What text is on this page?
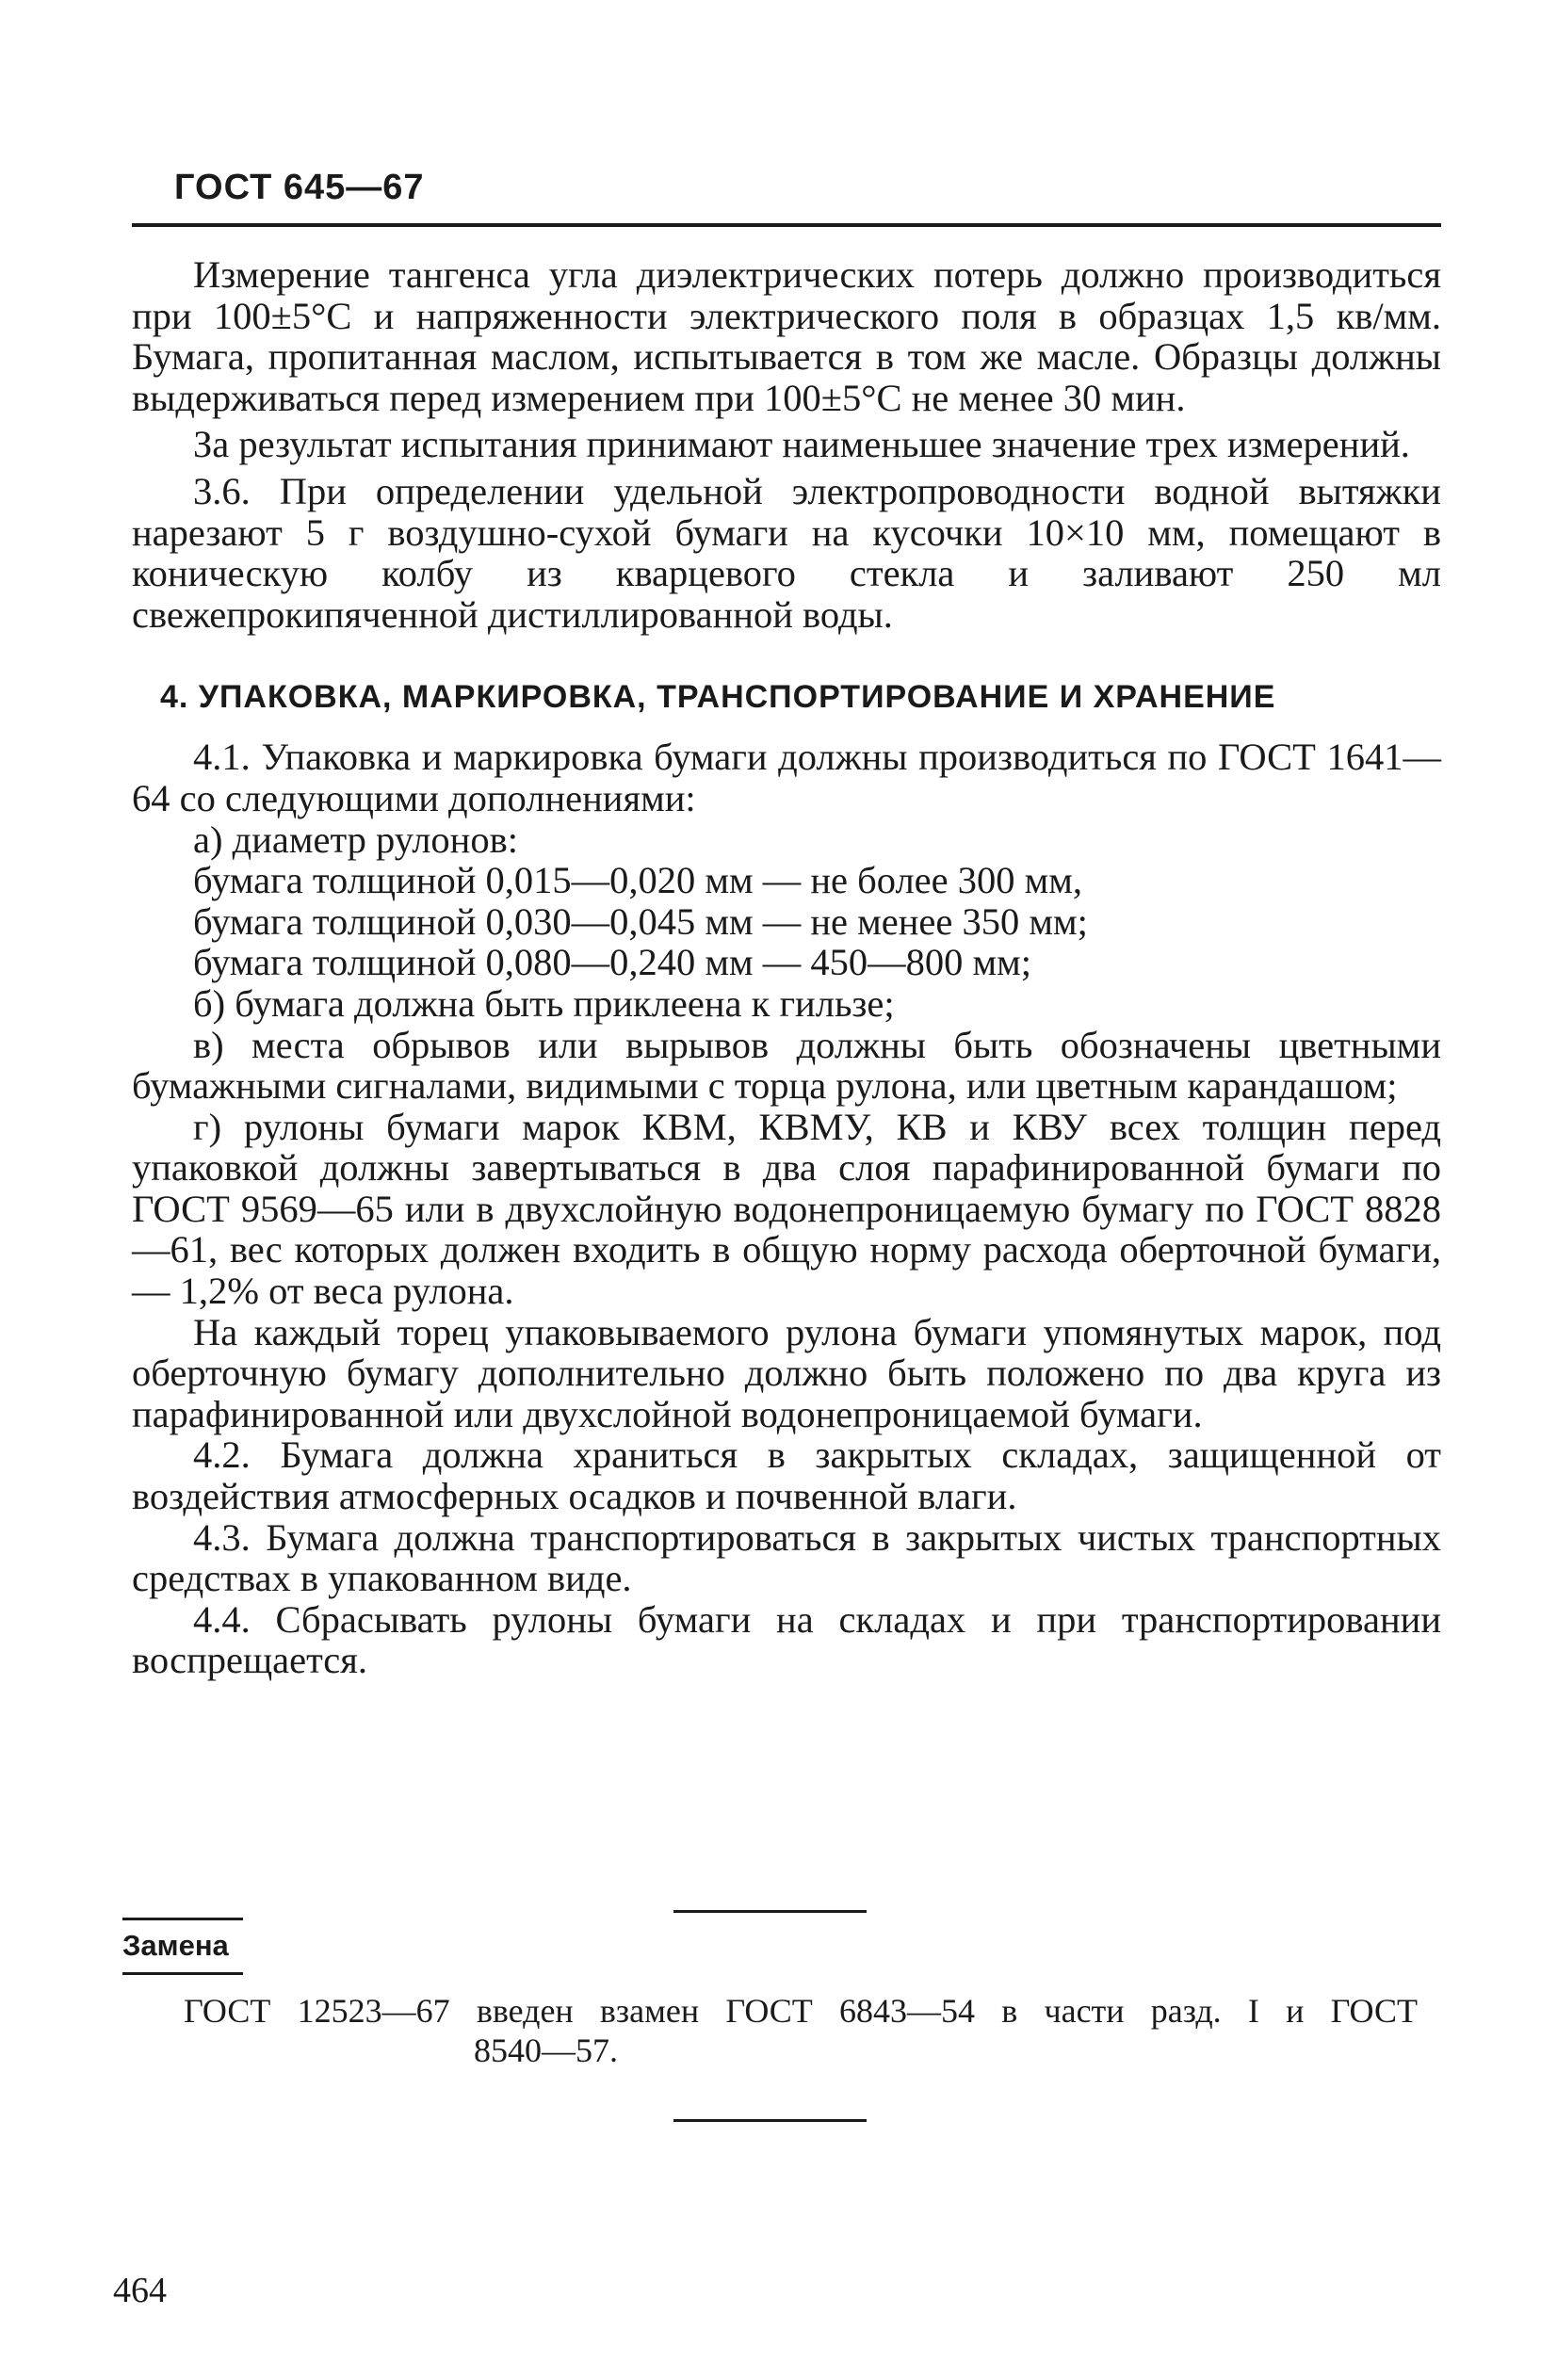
ГОСТ 645—67

Измерение тангенса угла диэлектрических потерь должно производиться при 100±5°С и напряженности электрического поля в образцах 1,5 кв/мм. Бумага, пропитанная маслом, испытывается в том же масле. Образцы должны выдерживаться перед измерением при 100±5°С не менее 30 мин.

За результат испытания принимают наименьшее значение трех измерений.

3.6. При определении удельной электропроводности водной вытяжки нарезают 5 г воздушно-сухой бумаги на кусочки 10×10 мм, помещают в коническую колбу из кварцевого стекла и заливают 250 мл свежепрокипяченной дистиллированной воды.

4. УПАКОВКА, МАРКИРОВКА, ТРАНСПОРТИРОВАНИЕ И ХРАНЕНИЕ

4.1. Упаковка и маркировка бумаги должны производиться по ГОСТ 1641—64 со следующими дополнениями:

а) диаметр рулонов:

бумага толщиной 0,015—0,020 мм — не более 300 мм,

бумага толщиной 0,030—0,045 мм — не менее 350 мм;

бумага толщиной 0,080—0,240 мм — 450—800 мм;

б) бумага должна быть приклеена к гильзе;

в) места обрывов или вырывов должны быть обозначены цветными бумажными сигналами, видимыми с торца рулона, или цветным карандашом;

г) рулоны бумаги марок КВМ, КВМУ, КВ и КВУ всех толщин перед упаковкой должны завертываться в два слоя парафинированной бумаги по ГОСТ 9569—65 или в двухслойную водонепроницаемую бумагу по ГОСТ 8828—61, вес которых должен входить в общую норму расхода оберточной бумаги, — 1,2% от веса рулона.

На каждый торец упаковываемого рулона бумаги упомянутых марок, под оберточную бумагу дополнительно должно быть положено по два круга из парафинированной или двухслойной водонепроницаемой бумаги.

4.2. Бумага должна храниться в закрытых складах, защищенной от воздействия атмосферных осадков и почвенной влаги.

4.3. Бумага должна транспортироваться в закрытых чистых транспортных средствах в упакованном виде.

4.4. Сбрасывать рулоны бумаги на складах и при транспортировании воспрещается.

Замена
ГОСТ 12523—67 введен взамен ГОСТ 6843—54 в части разд. I и ГОСТ
8540—57.
464
